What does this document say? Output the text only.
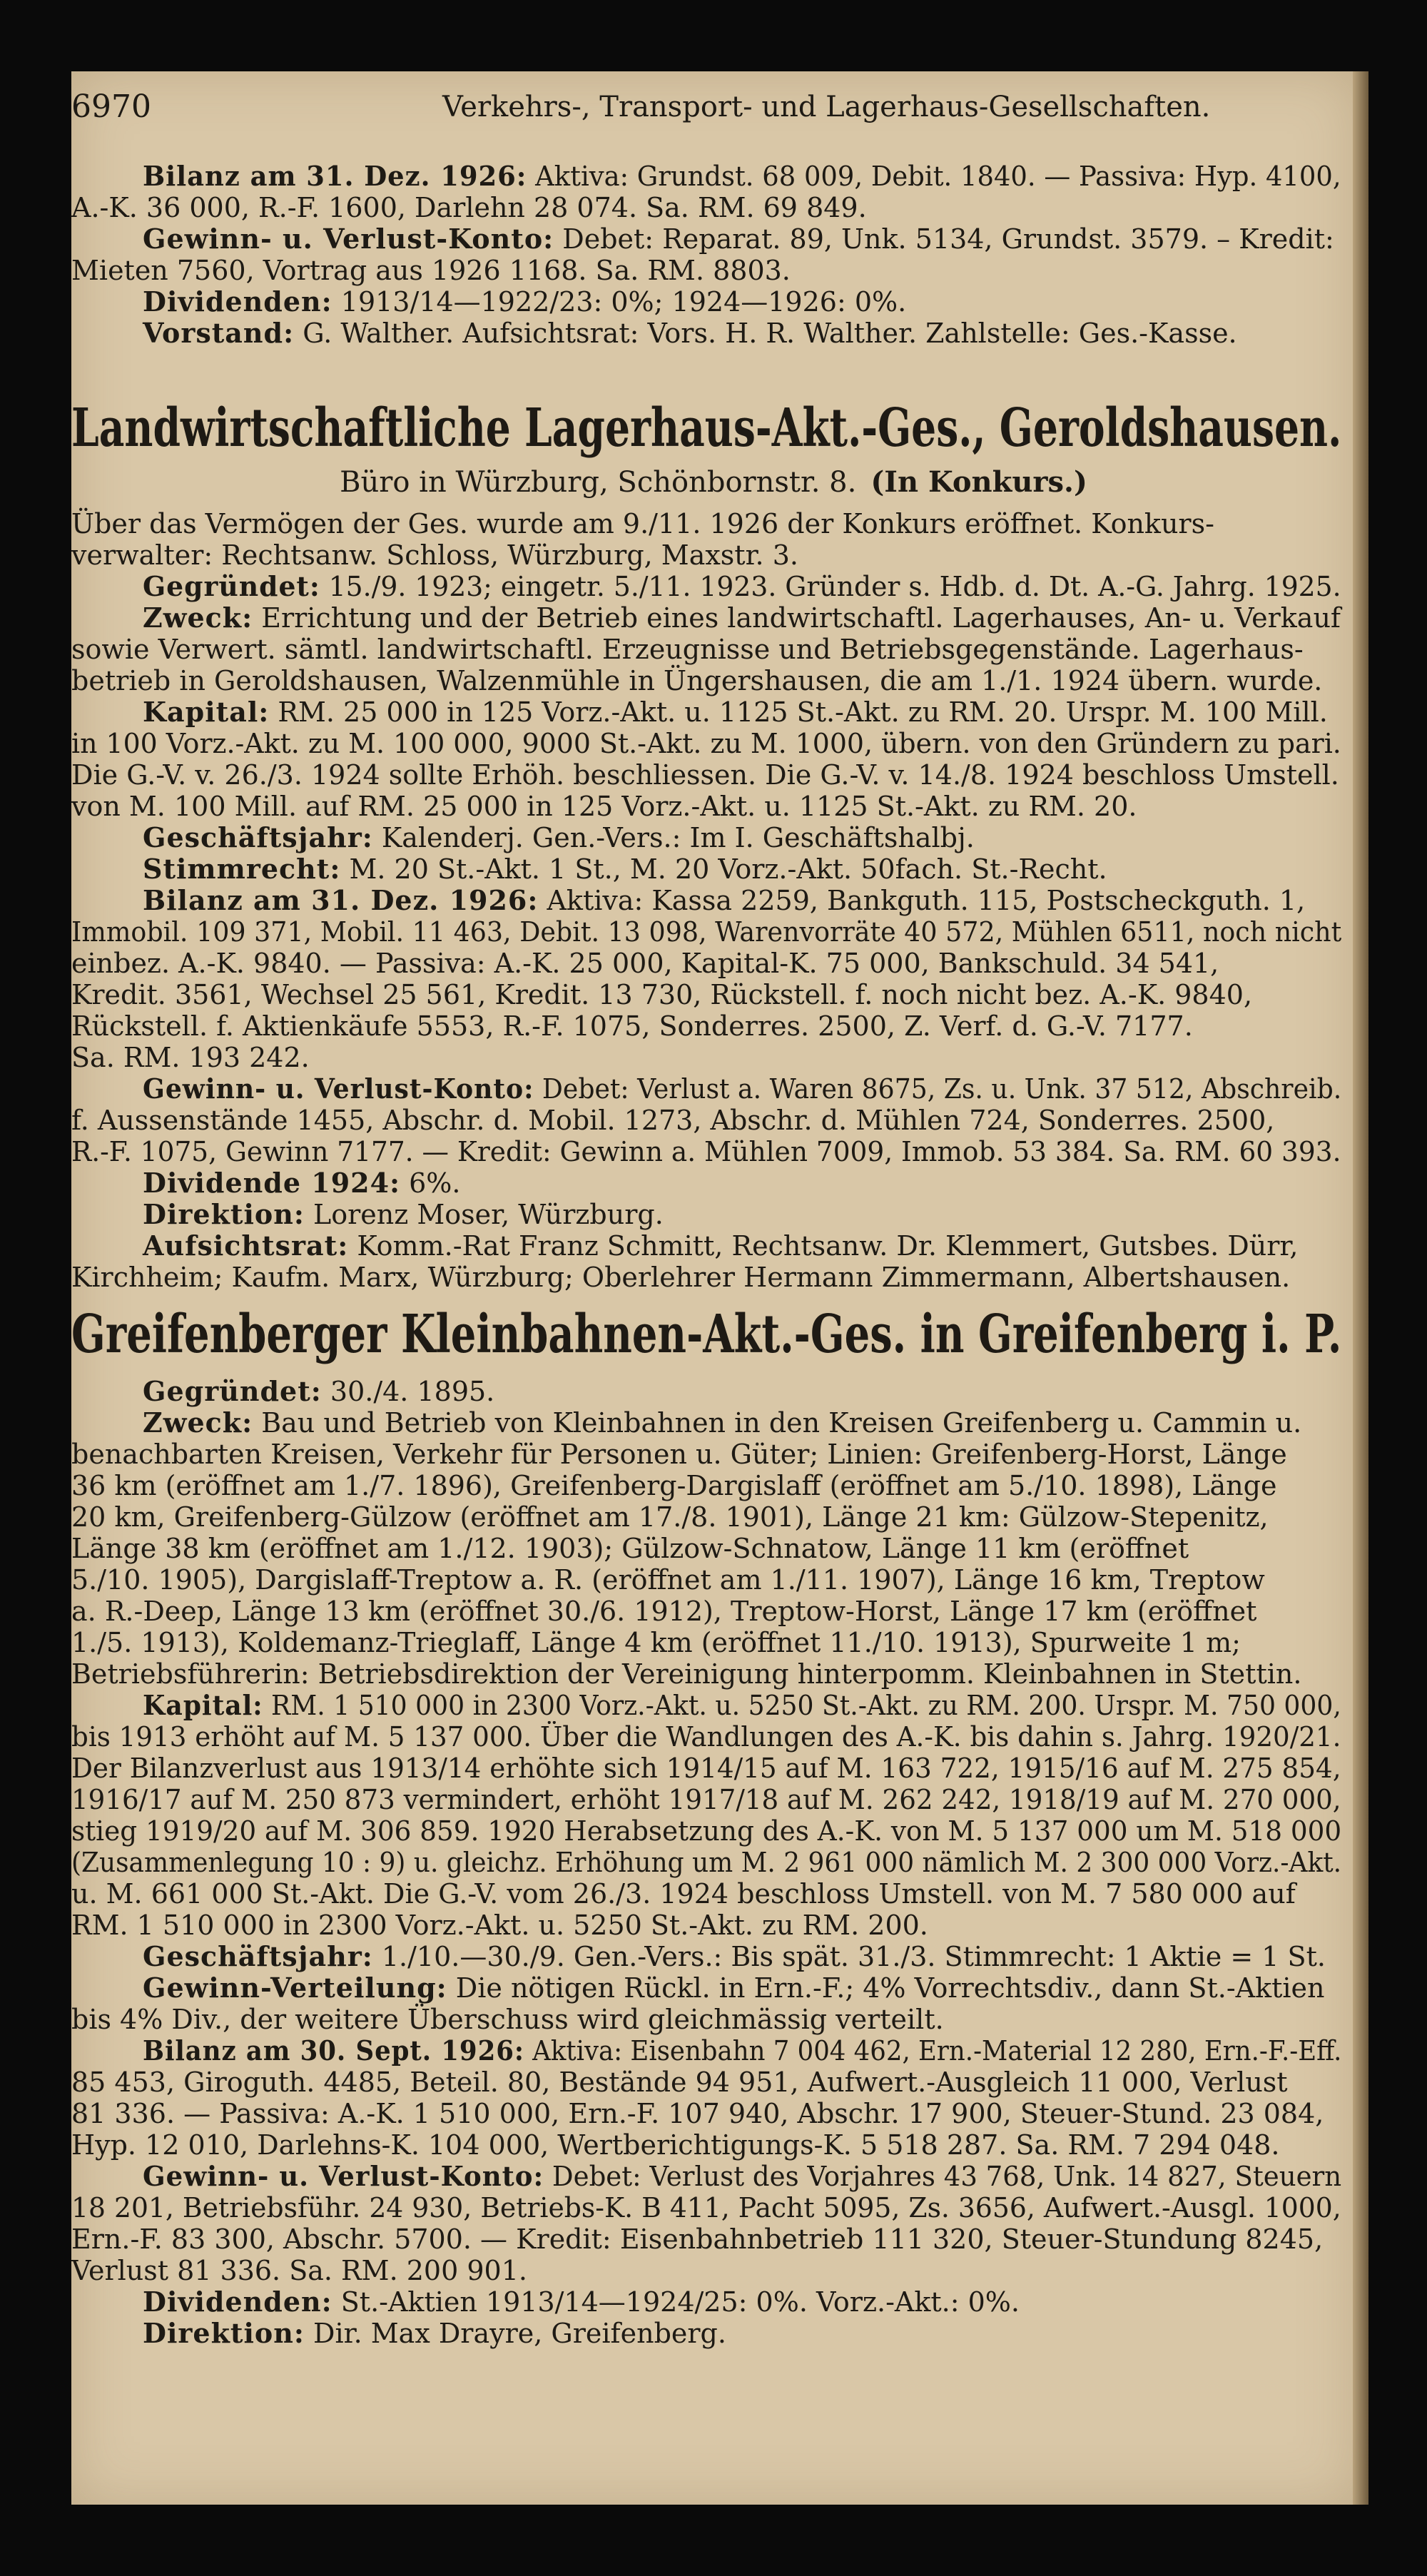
6970	Verkehrs-, Transport- und Lagerhaus-Gesellschaften.
Bilanz am 31. Dez. 1926: Aktiva: Grundst. 68 009, Debit. 1840. — Passiva: Hyp. 4100,
A.-K. 36 000, R.-F. 1600, Darlehn 28 074. Sa. RM. 69 849.
Gewinn- u. Verlust-Konto: Debet: Reparat. 89, Unk. 5134, Grundst. 3579. – Kredit:
Mieten 7560, Vortrag aus 1926 1168. Sa. RM. 8803.
Dividenden: 1913/14—1922/23: 0%; 1924—1926: 0%.
Vorstand: G. Walther. Aufsichtsrat: Vors. H. R. Walther. Zahlstelle: Ges.-Kasse.
Landwirtschaftliche Lagerhaus-Akt.-Ges., Geroldshausen.
Büro in Würzburg, Schönbornstr. 8. (In Konkurs.)
Über das Vermögen der Ges. wurde am 9./11. 1926 der Konkurs eröffnet. Konkurs-
verwalter: Rechtsanw. Schloss, Würzburg, Maxstr. 3.
Gegründet: 15./9. 1923; eingetr. 5./11. 1923. Gründer s. Hdb. d. Dt. A.-G. Jahrg. 1925.
Zweck: Errichtung und der Betrieb eines landwirtschaftl. Lagerhauses, An- u. Verkauf
sowie Verwert. sämtl. landwirtschaftl. Erzeugnisse und Betriebsgegenstände. Lagerhaus-
betrieb in Geroldshausen, Walzenmühle in Üngershausen, die am 1./1. 1924 übern. wurde.
Kapital: RM. 25 000 in 125 Vorz.-Akt. u. 1125 St.-Akt. zu RM. 20. Urspr. M. 100 Mill.
in 100 Vorz.-Akt. zu M. 100 000, 9000 St.-Akt. zu M. 1000, übern. von den Gründern zu pari.
Die G.-V. v. 26./3. 1924 sollte Erhöh. beschliessen. Die G.-V. v. 14./8. 1924 beschloss Umstell.
von M. 100 Mill. auf RM. 25 000 in 125 Vorz.-Akt. u. 1125 St.-Akt. zu RM. 20.
Geschäftsjahr: Kalenderj. Gen.-Vers.: Im I. Geschäftshalbj.
Stimmrecht: M. 20 St.-Akt. 1 St., M. 20 Vorz.-Akt. 50fach. St.-Recht.
Bilanz am 31. Dez. 1926: Aktiva: Kassa 2259, Bankguth. 115, Postscheckguth. 1,
Immobil. 109 371, Mobil. 11 463, Debit. 13 098, Warenvorräte 40 572, Mühlen 6511, noch nicht
einbez. A.-K. 9840. — Passiva: A.-K. 25 000, Kapital-K. 75 000, Bankschuld. 34 541,
Kredit. 3561, Wechsel 25 561, Kredit. 13 730, Rückstell. f. noch nicht bez. A.-K. 9840,
Rückstell. f. Aktienkäufe 5553, R.-F. 1075, Sonderres. 2500, Z. Verf. d. G.-V. 7177.
Sa. RM. 193 242.
Gewinn- u. Verlust-Konto: Debet: Verlust a. Waren 8675, Zs. u. Unk. 37 512, Abschreib.
f. Aussenstände 1455, Abschr. d. Mobil. 1273, Abschr. d. Mühlen 724, Sonderres. 2500,
R.-F. 1075, Gewinn 7177. — Kredit: Gewinn a. Mühlen 7009, Immob. 53 384. Sa. RM. 60 393.
Dividende 1924: 6%.
Direktion: Lorenz Moser, Würzburg.
Aufsichtsrat: Komm.-Rat Franz Schmitt, Rechtsanw. Dr. Klemmert, Gutsbes. Dürr,
Kirchheim; Kaufm. Marx, Würzburg; Oberlehrer Hermann Zimmermann, Albertshausen.
Greifenberger Kleinbahnen-Akt.-Ges. in Greifenberg i. P.
Gegründet: 30./4. 1895.
Zweck: Bau und Betrieb von Kleinbahnen in den Kreisen Greifenberg u. Cammin u.
benachbarten Kreisen, Verkehr für Personen u. Güter; Linien: Greifenberg-Horst, Länge
36 km (eröffnet am 1./7. 1896), Greifenberg-Dargislaff (eröffnet am 5./10. 1898), Länge
20 km, Greifenberg-Gülzow (eröffnet am 17./8. 1901), Länge 21 km: Gülzow-Stepenitz,
Länge 38 km (eröffnet am 1./12. 1903); Gülzow-Schnatow, Länge 11 km (eröffnet
5./10. 1905), Dargislaff-Treptow a. R. (eröffnet am 1./11. 1907), Länge 16 km, Treptow
a. R.-Deep, Länge 13 km (eröffnet 30./6. 1912), Treptow-Horst, Länge 17 km (eröffnet
1./5. 1913), Koldemanz-Trieglaff, Länge 4 km (eröffnet 11./10. 1913), Spurweite 1 m;
Betriebsführerin: Betriebsdirektion der Vereinigung hinterpomm. Kleinbahnen in Stettin.
Kapital: RM. 1 510 000 in 2300 Vorz.-Akt. u. 5250 St.-Akt. zu RM. 200. Urspr. M. 750 000,
bis 1913 erhöht auf M. 5 137 000. Über die Wandlungen des A.-K. bis dahin s. Jahrg. 1920/21.
Der Bilanzverlust aus 1913/14 erhöhte sich 1914/15 auf M. 163 722, 1915/16 auf M. 275 854,
1916/17 auf M. 250 873 vermindert, erhöht 1917/18 auf M. 262 242, 1918/19 auf M. 270 000,
stieg 1919/20 auf M. 306 859. 1920 Herabsetzung des A.-K. von M. 5 137 000 um M. 518 000
(Zusammenlegung 10 : 9) u. gleichz. Erhöhung um M. 2 961 000 nämlich M. 2 300 000 Vorz.-Akt.
u. M. 661 000 St.-Akt. Die G.-V. vom 26./3. 1924 beschloss Umstell. von M. 7 580 000 auf
RM. 1 510 000 in 2300 Vorz.-Akt. u. 5250 St.-Akt. zu RM. 200.
Geschäftsjahr: 1./10.—30./9. Gen.-Vers.: Bis spät. 31./3. Stimmrecht: 1 Aktie = 1 St.
Gewinn-Verteilung: Die nötigen Rückl. in Ern.-F.; 4% Vorrechtsdiv., dann St.-Aktien
bis 4% Div., der weitere Überschuss wird gleichmässig verteilt.
Bilanz am 30. Sept. 1926: Aktiva: Eisenbahn 7 004 462, Ern.-Material 12 280, Ern.-F.-Eff.
85 453, Giroguth. 4485, Beteil. 80, Bestände 94 951, Aufwert.-Ausgleich 11 000, Verlust
81 336. — Passiva: A.-K. 1 510 000, Ern.-F. 107 940, Abschr. 17 900, Steuer-Stund. 23 084,
Hyp. 12 010, Darlehns-K. 104 000, Wertberichtigungs-K. 5 518 287. Sa. RM. 7 294 048.
Gewinn- u. Verlust-Konto: Debet: Verlust des Vorjahres 43 768, Unk. 14 827, Steuern
18 201, Betriebsführ. 24 930, Betriebs-K. B 411, Pacht 5095, Zs. 3656, Aufwert.-Ausgl. 1000,
Ern.-F. 83 300, Abschr. 5700. — Kredit: Eisenbahnbetrieb 111 320, Steuer-Stundung 8245,
Verlust 81 336. Sa. RM. 200 901.
Dividenden: St.-Aktien 1913/14—1924/25: 0%. Vorz.-Akt.: 0%.
Direktion: Dir. Max Drayre, Greifenberg.
